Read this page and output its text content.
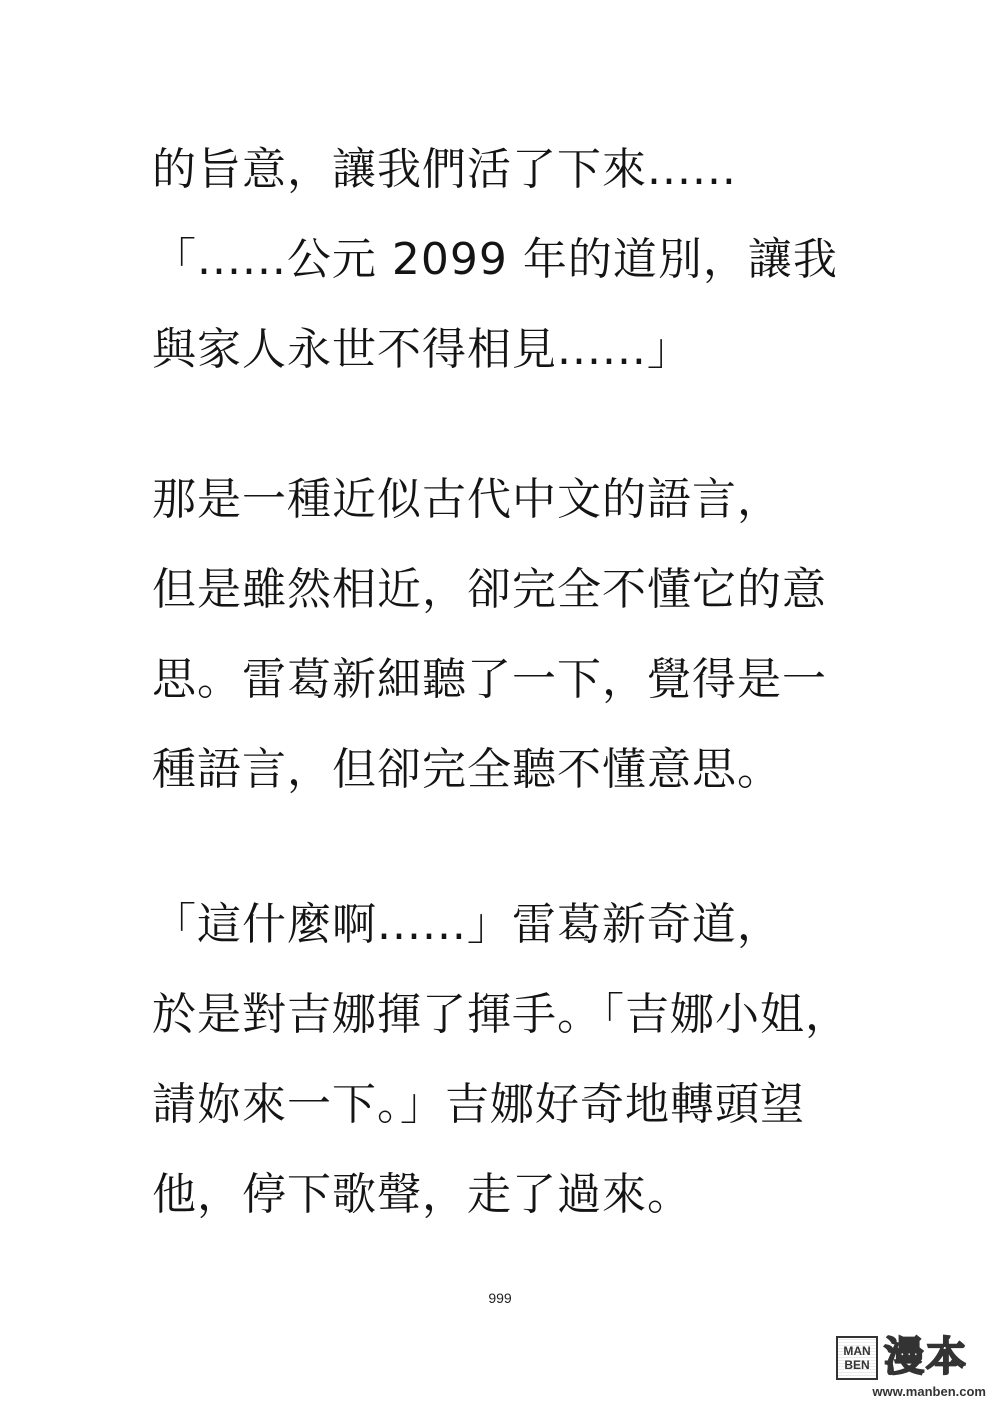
的旨意，讓我們活了下來......
「......公元 2099 年的道別，讓我
與家人永世不得相見......」
那是一種近似古代中文的語言，
但是雖然相近，卻完全不懂它的意
思。雷葛新細聽了一下，覺得是一
種語言，但卻完全聽不懂意思。
「這什麼啊......」雷葛新奇道，
於是對吉娜揮了揮手。「吉娜小姐，
請妳來一下。」吉娜好奇地轉頭望
他，停下歌聲，走了過來。
999
MAN
BEN 漫本
www.manben.com
